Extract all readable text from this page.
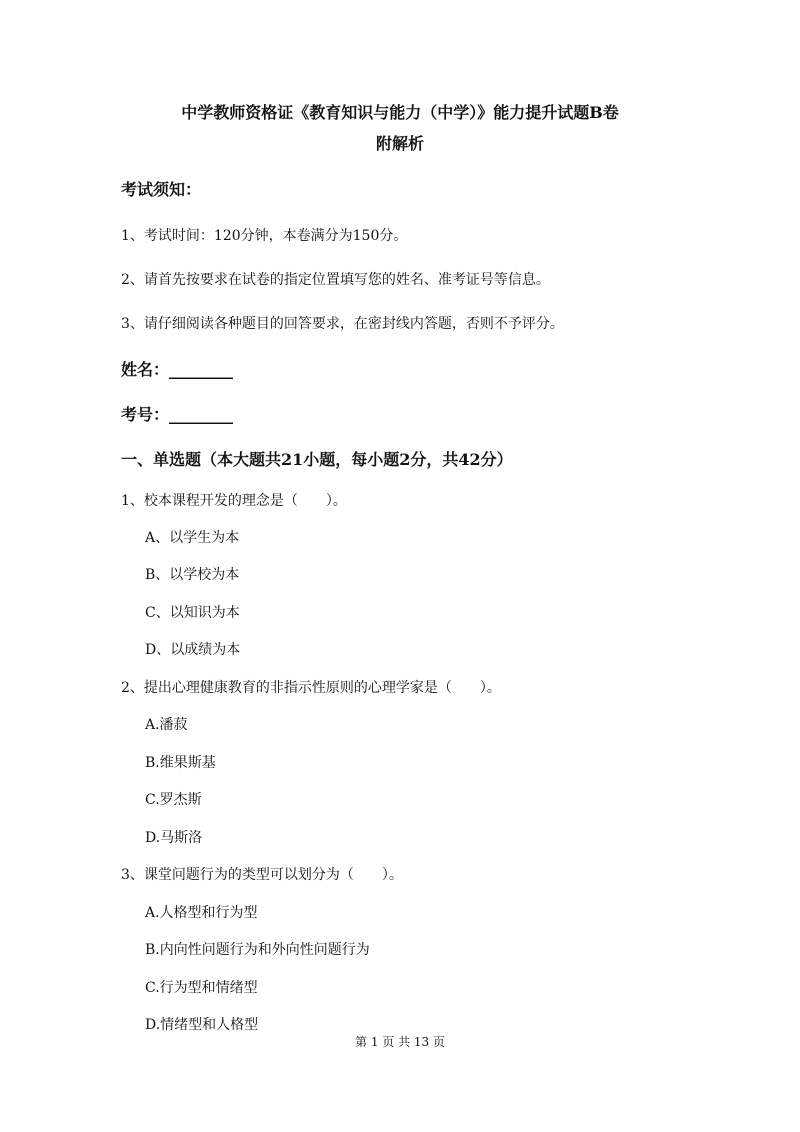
中学教师资格证《教育知识与能力（中学）》能力提升试题B卷
附解析
考试须知：
1、考试时间：120分钟，本卷满分为150分。
2、请首先按要求在试卷的指定位置填写您的姓名、准考证号等信息。
3、请仔细阅读各种题目的回答要求，在密封线内答题，否则不予评分。
姓名：________
考号：________
一、单选题（本大题共21小题，每小题2分，共42分）
1、校本课程开发的理念是（　　）。
A、以学生为本
B、以学校为本
C、以知识为本
D、以成绩为本
2、提出心理健康教育的非指示性原则的心理学家是（　　）。
A.潘菽
B.维果斯基
C.罗杰斯
D.马斯洛
3、课堂问题行为的类型可以划分为（　　）。
A.人格型和行为型
B.内向性问题行为和外向性问题行为
C.行为型和情绪型
D.情绪型和人格型
第 1 页 共 13 页
